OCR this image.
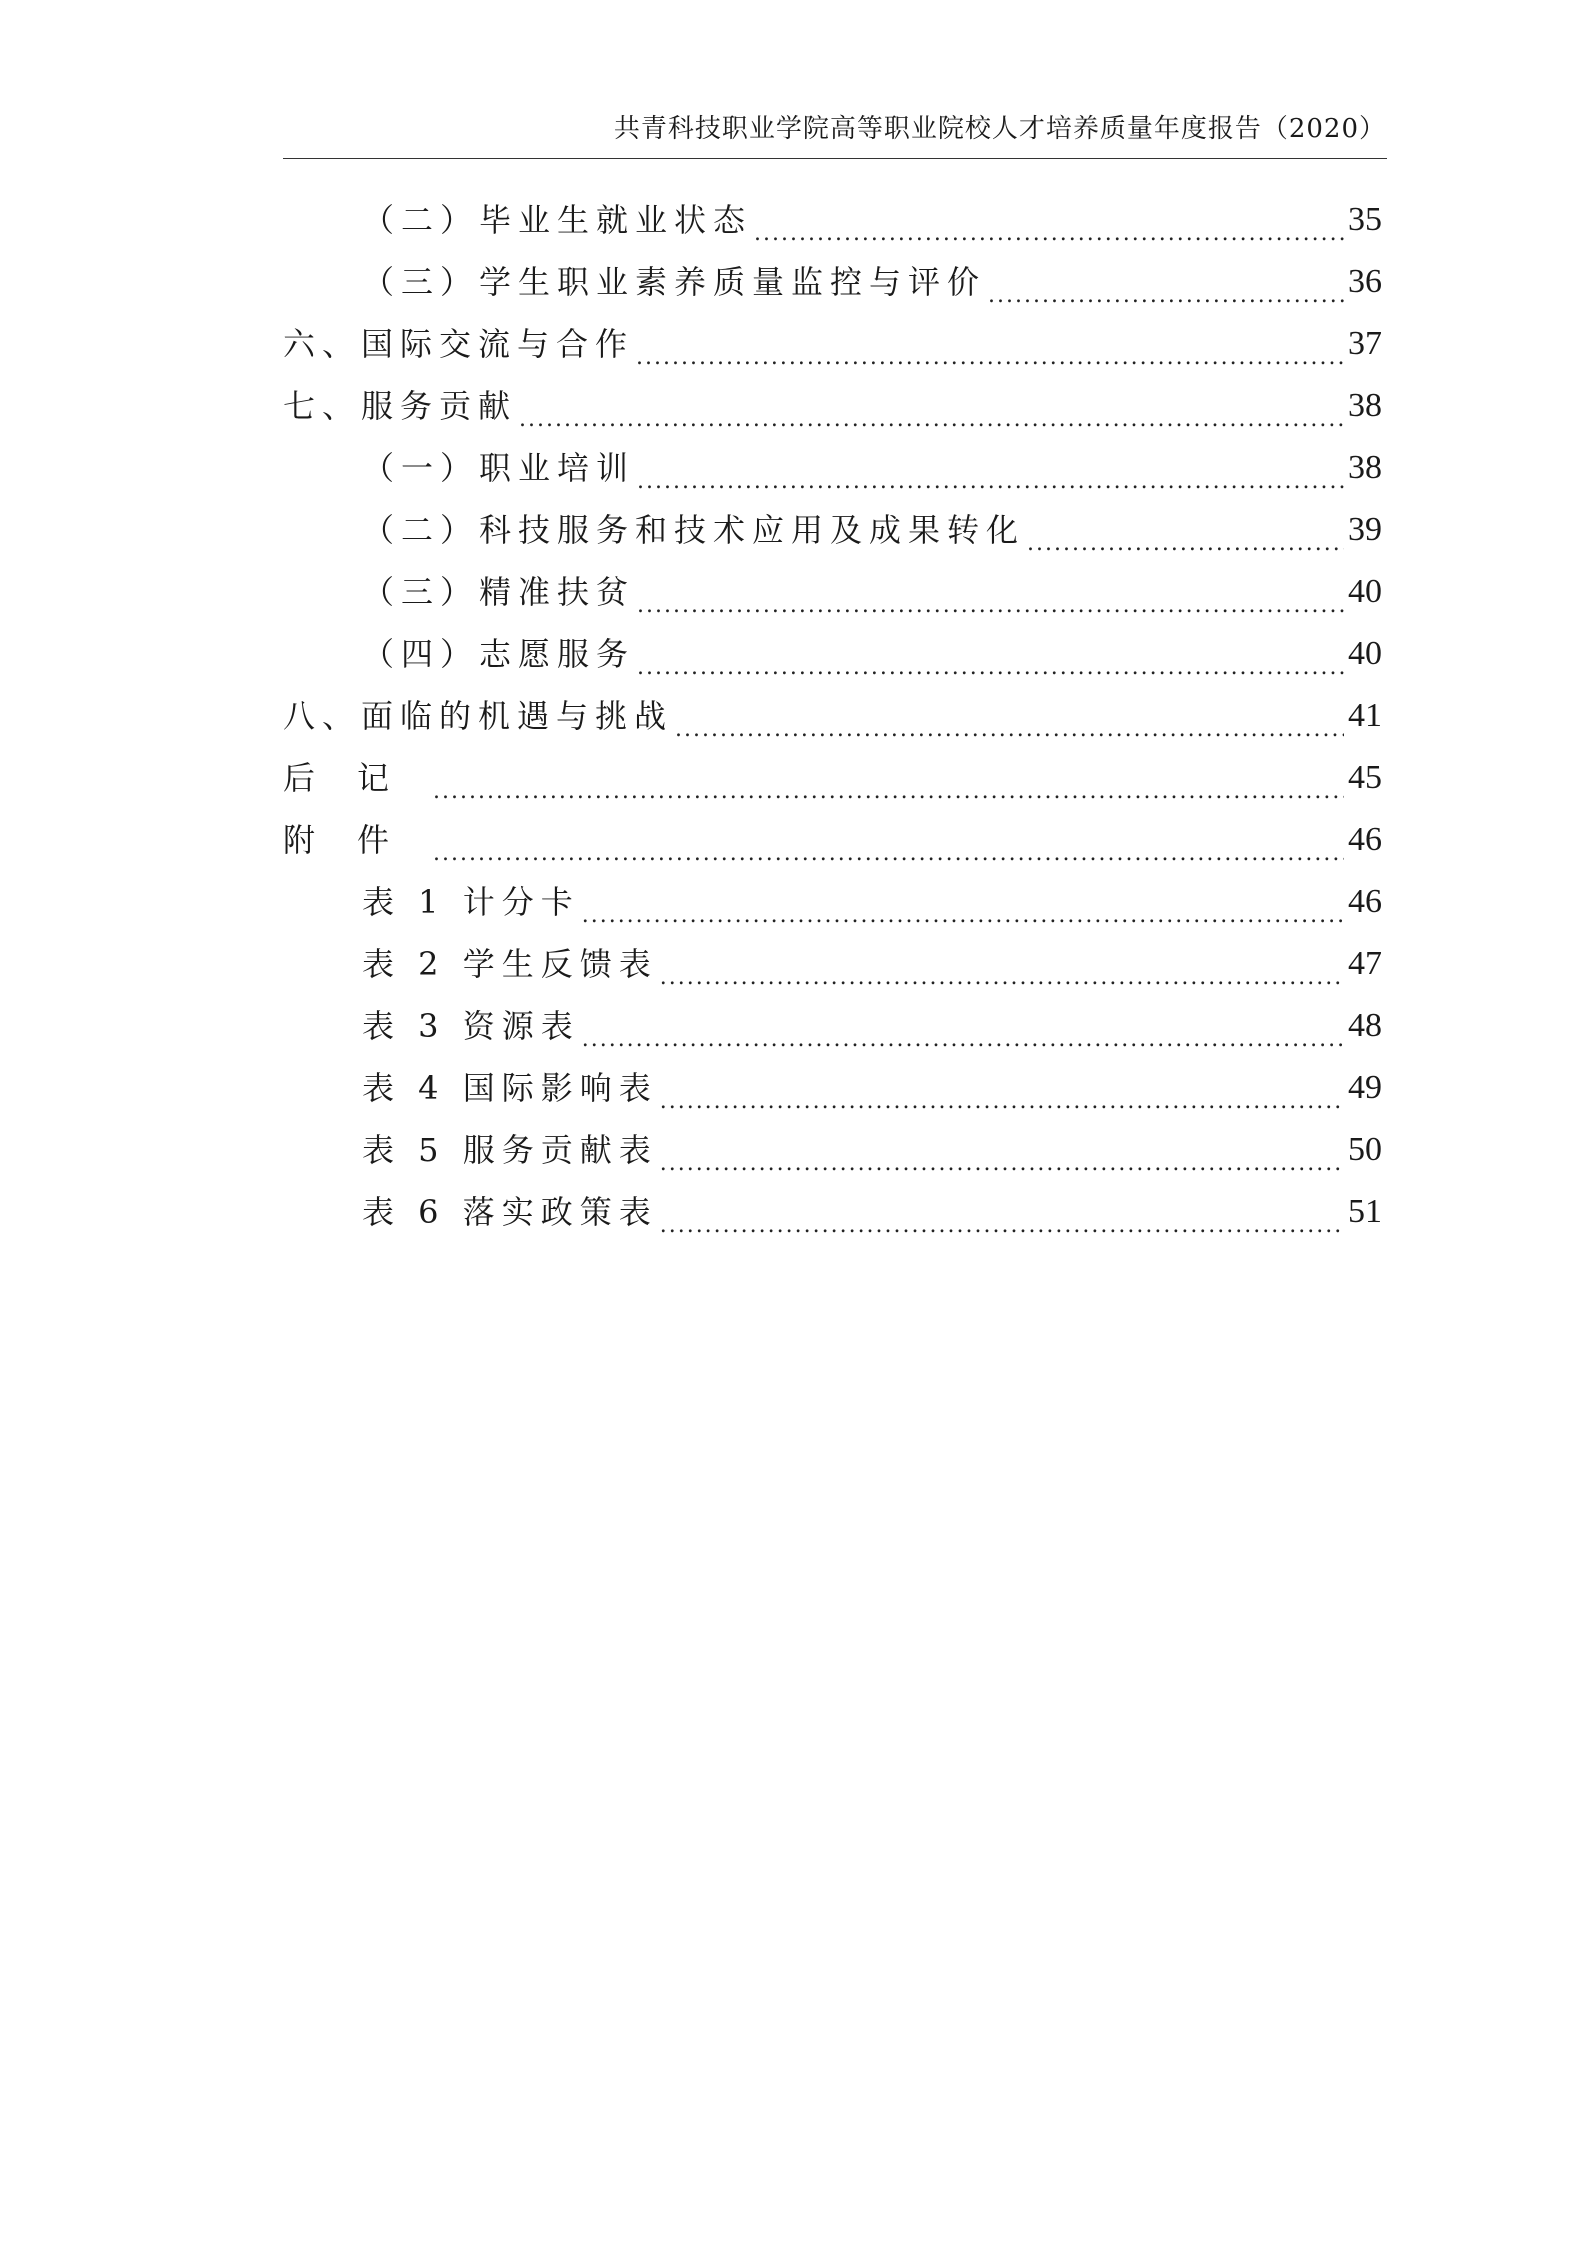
共青科技职业学院高等职业院校人才培养质量年度报告（2020）
（二）毕业生就业状态 .....	35
（三）学生职业素养质量监控与评价 .....	36
六、国际交流与合作 .....	37
七、服务贡献 .....	38
（一）职业培训 .....	38
（二）科技服务和技术应用及成果转化 .....	39
（三）精准扶贫 .....	40
（四）志愿服务 .....	40
八、面临的机遇与挑战 .....	41
后记 .....	45
附件 .....	46
表 1 计分卡 .....	46
表 2 学生反馈表 .....	47
表 3 资源表 .....	48
表 4 国际影响表 .....	49
表 5 服务贡献表 .....	50
表 6 落实政策表 .....	51
